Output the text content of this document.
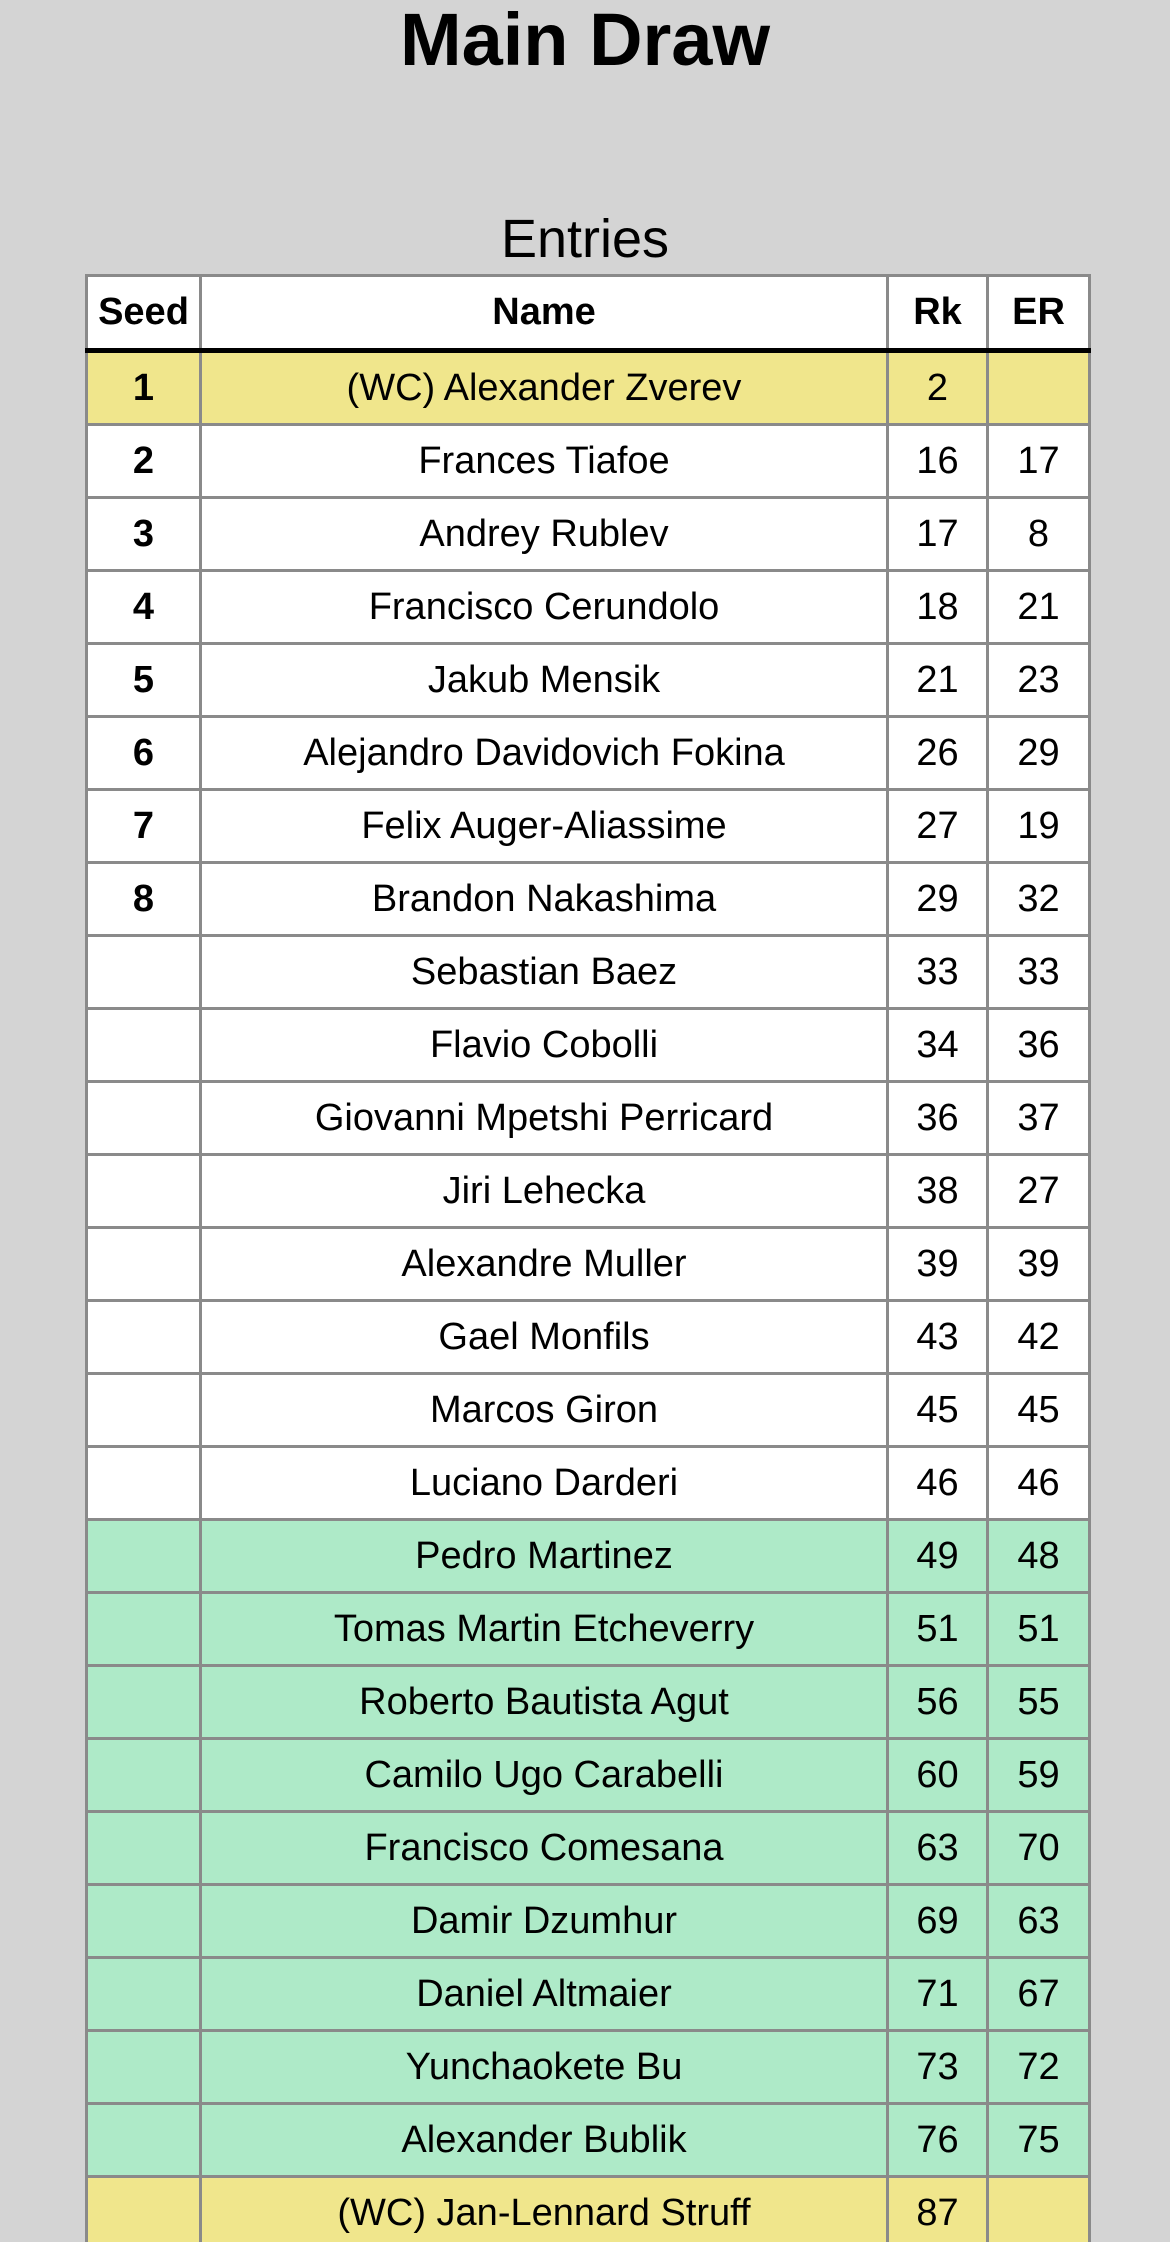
Main Draw
Entries
Seed	Name	Rk	ER
1	(WC) Alexander Zverev	2	
2	Frances Tiafoe	16	17
3	Andrey Rublev	17	8
4	Francisco Cerundolo	18	21
5	Jakub Mensik	21	23
6	Alejandro Davidovich Fokina	26	29
7	Felix Auger-Aliassime	27	19
8	Brandon Nakashima	29	32
	Sebastian Baez	33	33
	Flavio Cobolli	34	36
	Giovanni Mpetshi Perricard	36	37
	Jiri Lehecka	38	27
	Alexandre Muller	39	39
	Gael Monfils	43	42
	Marcos Giron	45	45
	Luciano Darderi	46	46
	Pedro Martinez	49	48
	Tomas Martin Etcheverry	51	51
	Roberto Bautista Agut	56	55
	Camilo Ugo Carabelli	60	59
	Francisco Comesana	63	70
	Damir Dzumhur	69	63
	Daniel Altmaier	71	67
	Yunchaokete Bu	73	72
	Alexander Bublik	76	75
	(WC) Jan-Lennard Struff	87	
